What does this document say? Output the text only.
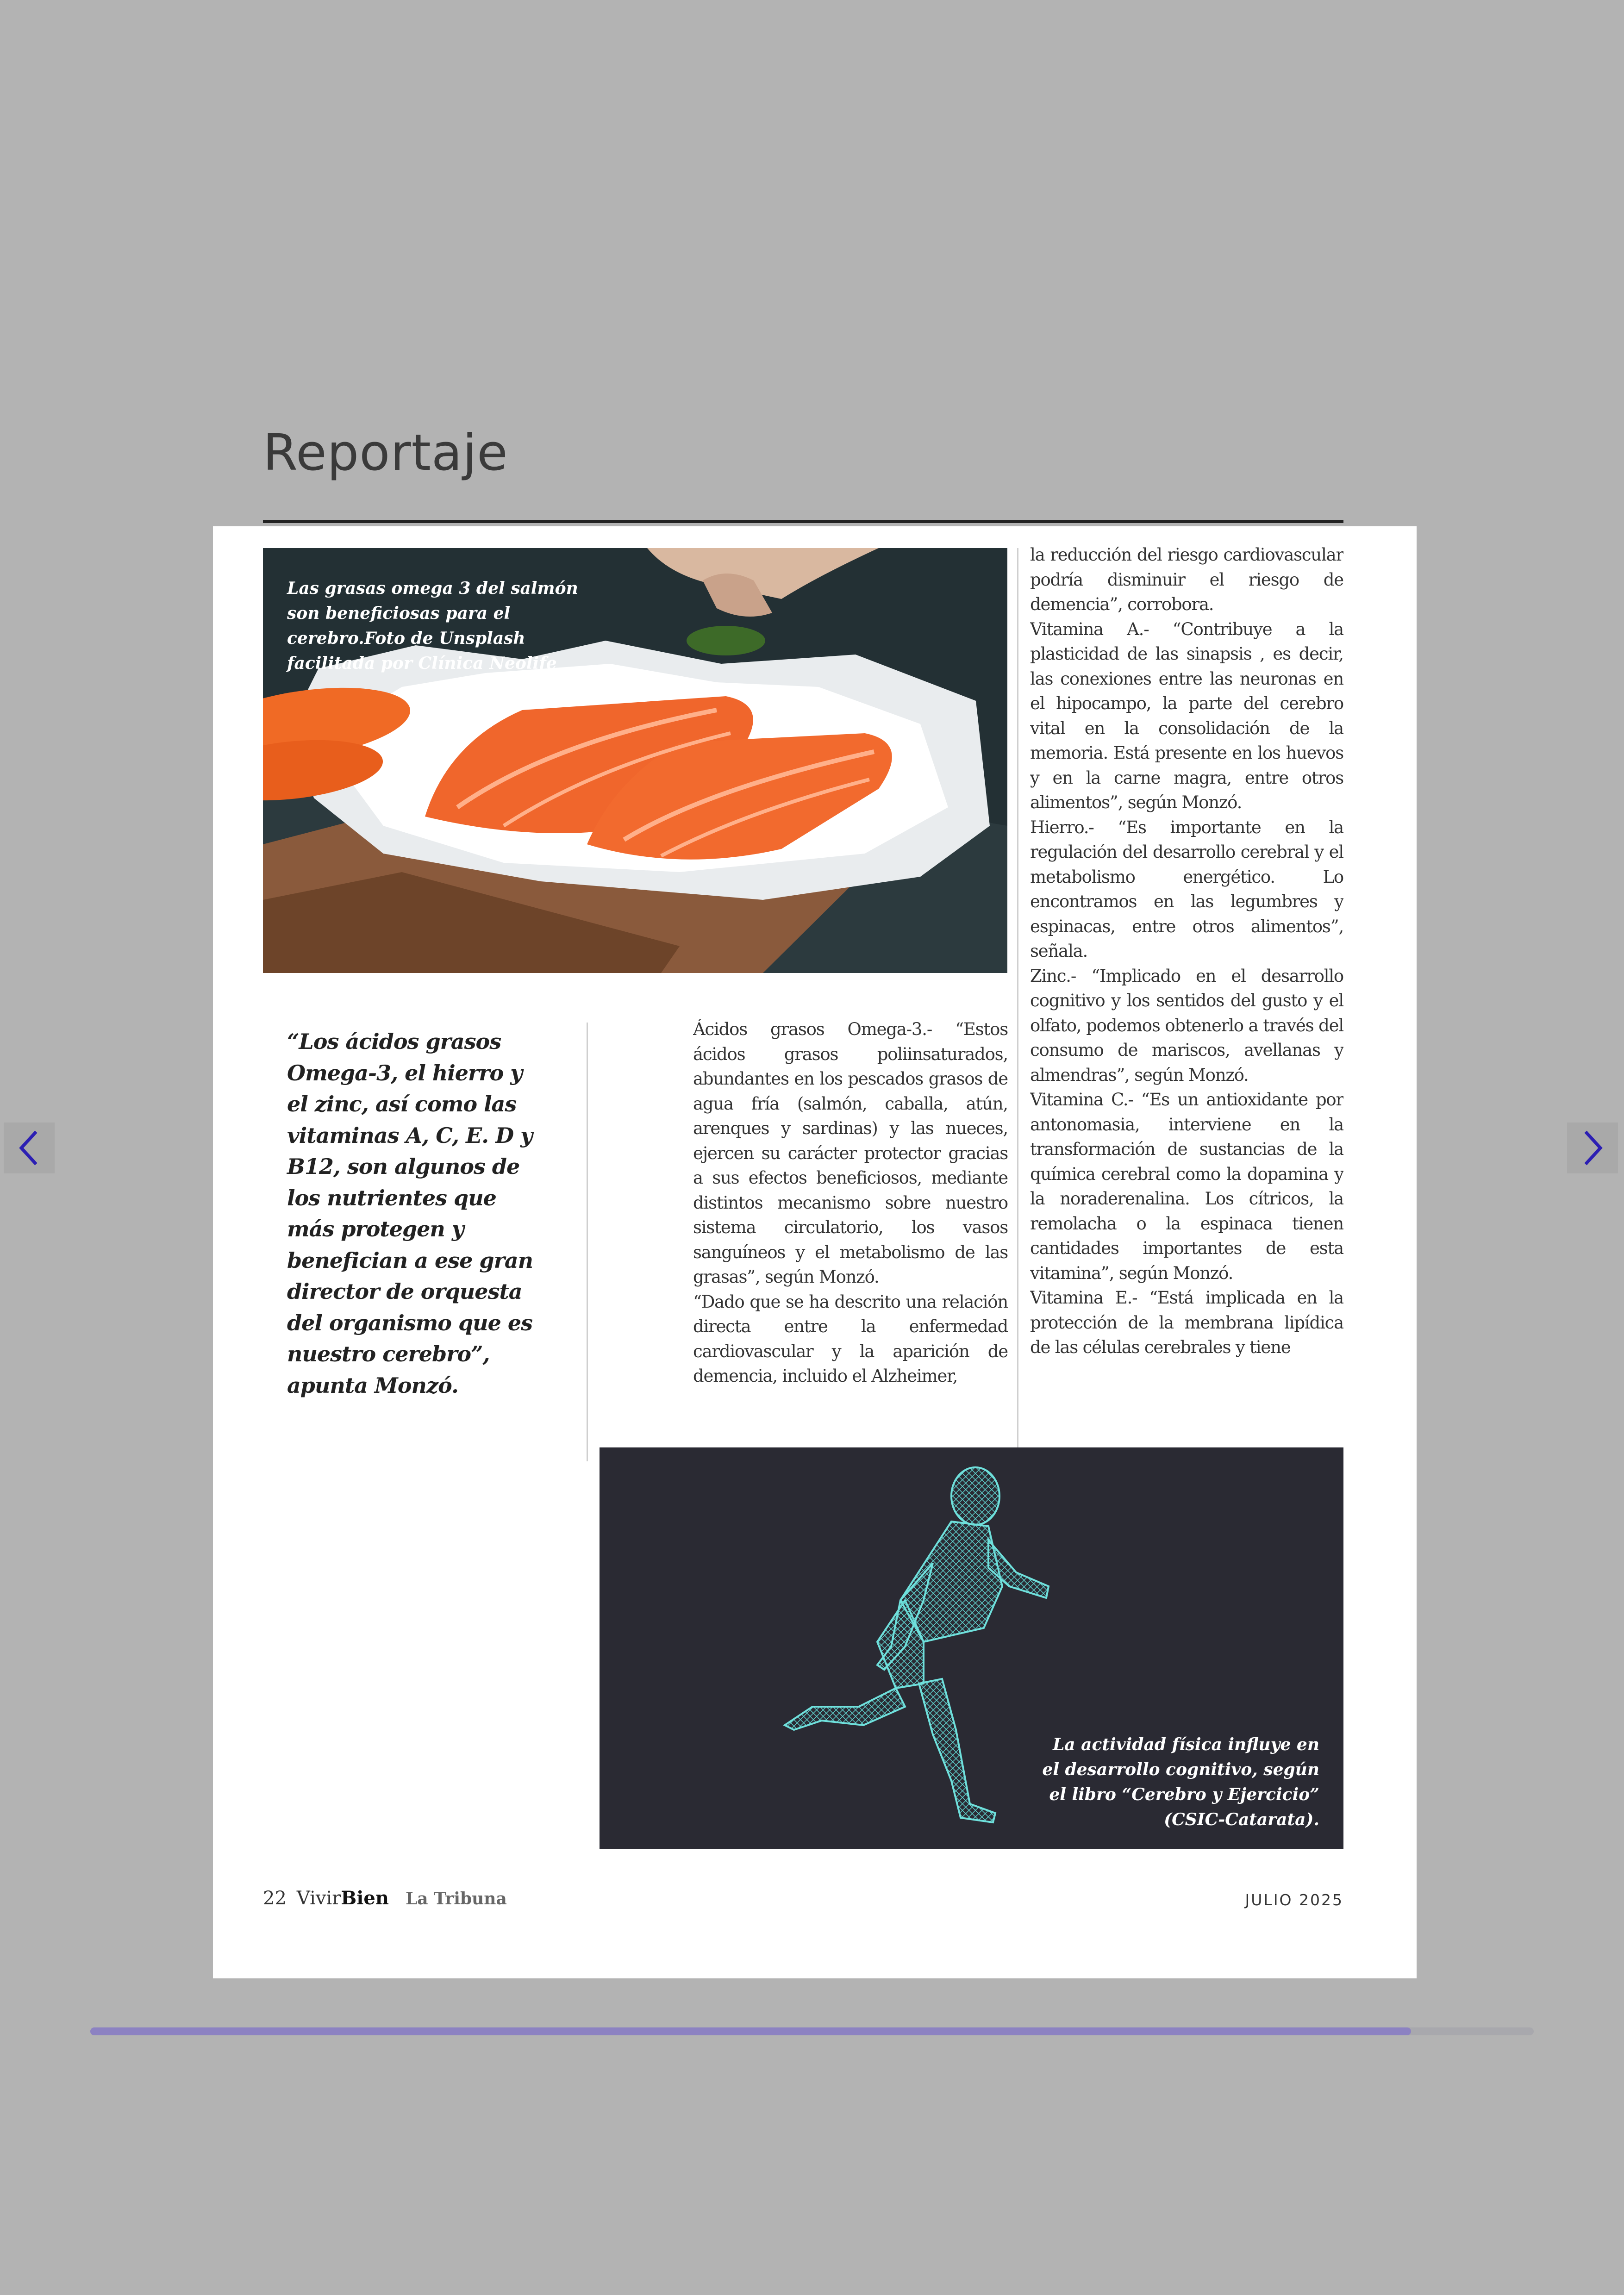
Reportaje
Las grasas omega 3 del salmón son beneficiosas para el cerebro.Foto de Unsplash facilitada por Clínica Neolife
“Los ácidos grasos Omega-3, el hierro y el zinc, así como las vitaminas A, C, E. D y B12, son algunos de los nutrientes que más protegen y benefician a ese gran director de orquesta del organismo que es nuestro cerebro”, apunta Monzó.

Ácidos grasos Omega-3.- “Estos ácidos grasos poliinsaturados, abundantes en los pescados grasos de agua fría (salmón, caballa, atún, arenques y sardinas) y las nueces, ejercen su carácter protector gracias a sus efectos beneficiosos, mediante distintos mecanismo sobre nuestro sistema circulatorio, los vasos sanguíneos y el metabolismo de las grasas”, según Monzó.

“Dado que se ha descrito una relación directa entre la enfermedad cardiovascular y la aparición de demencia, incluido el Alzheimer,

la reducción del riesgo cardiovascular podría disminuir el riesgo de demencia”, corrobora.

Vitamina A.- “Contribuye a la plasticidad de las sinapsis , es decir, las conexiones entre las neuronas en el hipocampo, la parte del cerebro vital en la consolidación de la memoria. Está presente en los huevos y en la carne magra, entre otros alimentos”, según Monzó.

Hierro.- “Es importante en la regulación del desarrollo cerebral y el metabolismo energético. Lo encontramos en las legumbres y espinacas, entre otros alimentos”, señala.

Zinc.- “Implicado en el desarrollo cognitivo y los sentidos del gusto y el olfato, podemos obtenerlo a través del consumo de mariscos, avellanas y almendras”, según Monzó.

Vitamina C.- “Es un antioxidante por antonomasia, interviene en la transformación de sustancias de la química cerebral como la dopamina y la noraderenalina. Los cítricos, la remolacha o la espinaca tienen cantidades importantes de esta vitamina”, según Monzó.

Vitamina E.- “Está implicada en la protección de la membrana lipídica de las células cerebrales y tiene

La actividad física influye en el desarrollo cognitivo, según el libro “Cerebro y Ejercicio” (CSIC-Catarata).
22 VivirBien La Tribuna	JULIO 2025
